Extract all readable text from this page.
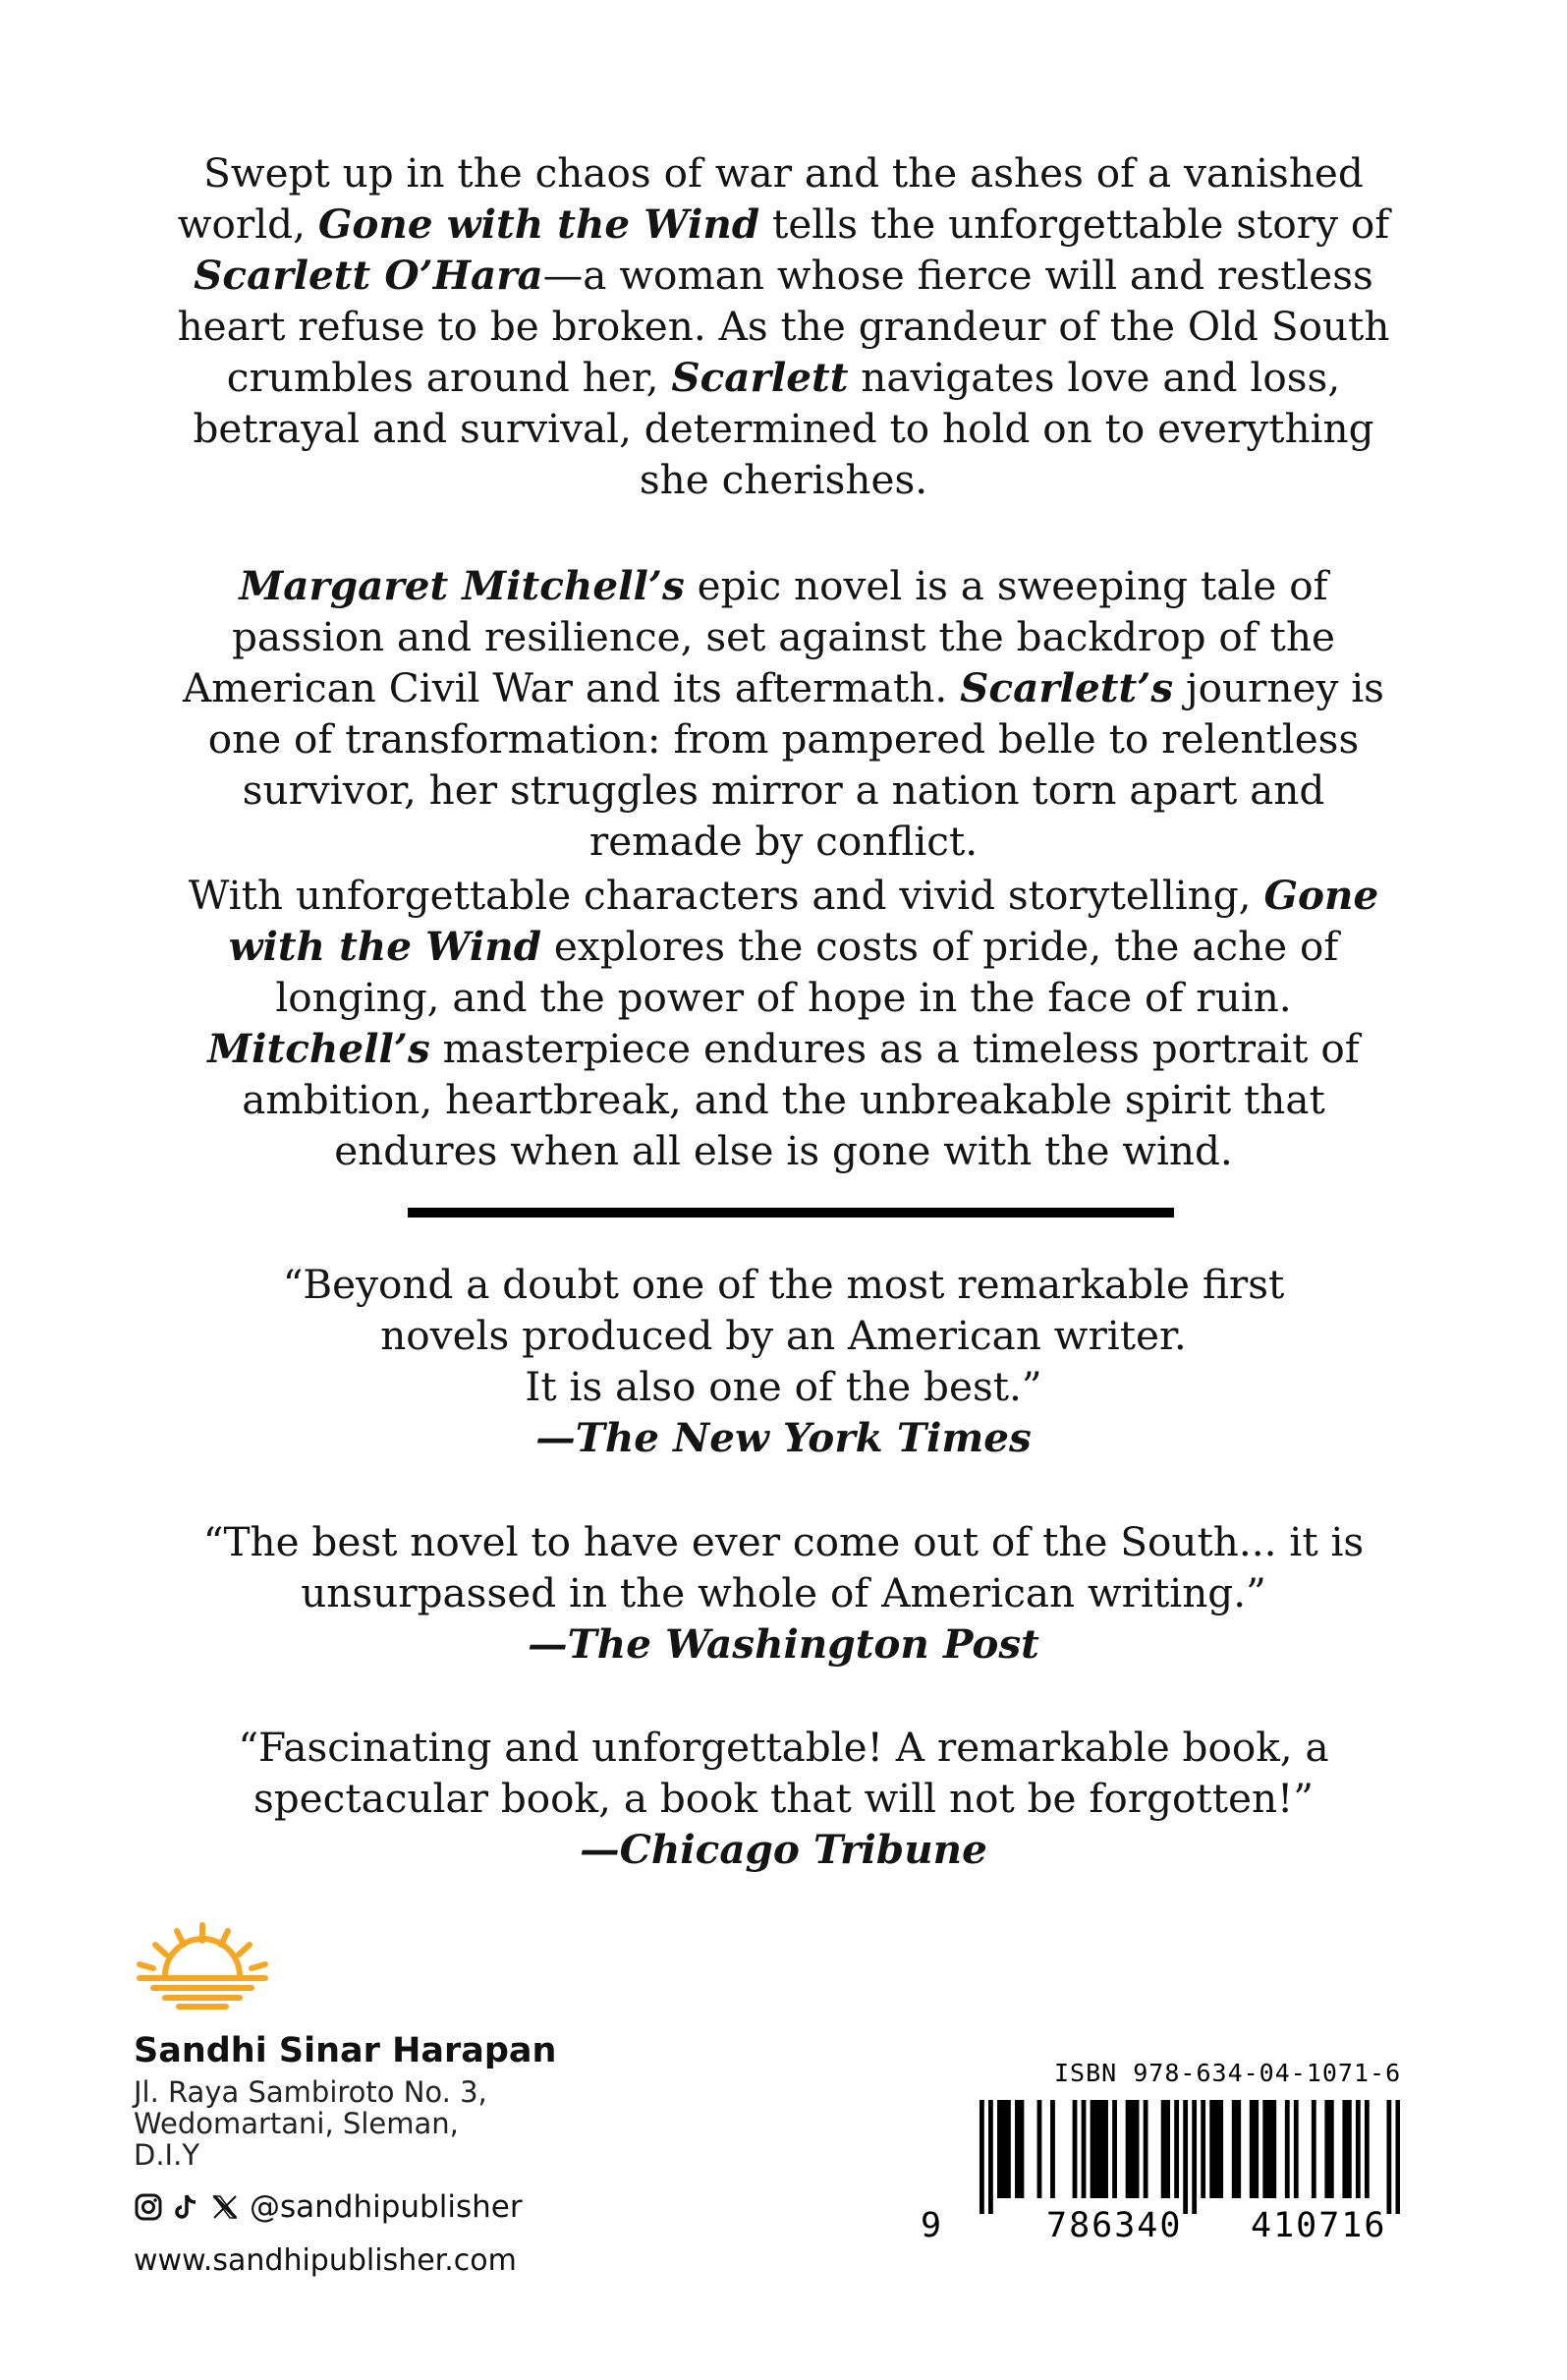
Swept up in the chaos of war and the ashes of a vanished world, Gone with the Wind tells the unforgettable story of Scarlett O’Hara—a woman whose fierce will and restless heart refuse to be broken. As the grandeur of the Old South crumbles around her, Scarlett navigates love and loss, betrayal and survival, determined to hold on to everything she cherishes.

Margaret Mitchell’s epic novel is a sweeping tale of passion and resilience, set against the backdrop of the American Civil War and its aftermath. Scarlett’s journey is one of transformation: from pampered belle to relentless survivor, her struggles mirror a nation torn apart and remade by conflict.

With unforgettable characters and vivid storytelling, Gone with the Wind explores the costs of pride, the ache of longing, and the power of hope in the face of ruin. Mitchell’s masterpiece endures as a timeless portrait of ambition, heartbreak, and the unbreakable spirit that endures when all else is gone with the wind.

“Beyond a doubt one of the most remarkable first
novels produced by an American writer.
It is also one of the best.”
—The New York Times
“The best novel to have ever come out of the South... it is
unsurpassed in the whole of American writing.”
—The Washington Post
“Fascinating and unforgettable! A remarkable book, a
spectacular book, a book that will not be forgotten!”
—Chicago Tribune
Sandhi Sinar Harapan
Jl. Raya Sambiroto No. 3,
Wedomartani, Sleman,
D.I.Y
@sandhipublisher
www.sandhipublisher.com
ISBN 978-634-04-1071-6
9	786340 410716
